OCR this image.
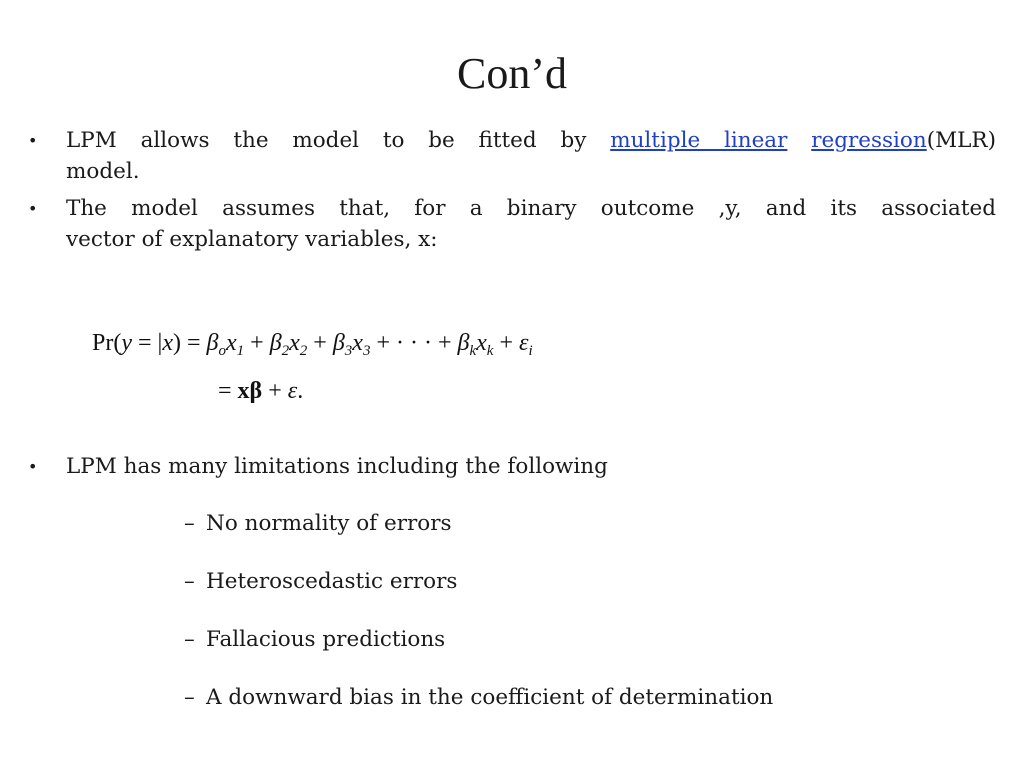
Con’d
•	LPM allows the model to be fitted by multiple linear regression(MLR)
model.
•	The model assumes that, for a binary outcome ,y, and its associated
vector of explanatory variables, x:
$Pr(y = |x) = \beta_ox_1 + \beta_2x_2 + \beta_3x_3$ + · · · + $\beta_kx_k + \varepsilon_i$
= xβ + ε.
•	LPM has many limitations including the following
– No normality of errors
– Heteroscedastic errors
– Fallacious predictions
– A downward bias in the coefficient of determination
